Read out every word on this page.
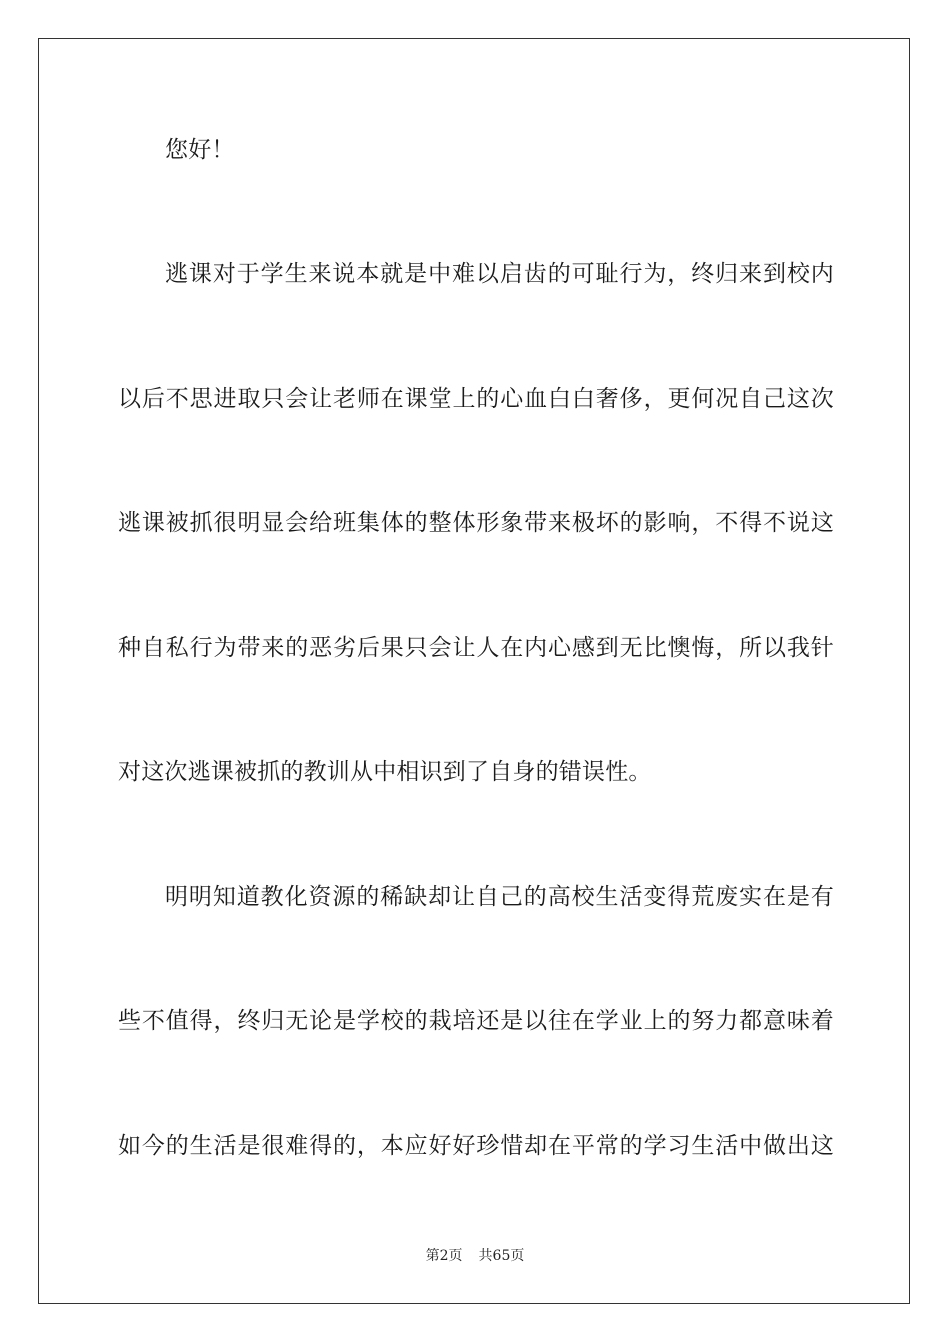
您好！
逃课对于学生来说本就是中难以启齿的可耻行为，终归来到校内
以后不思进取只会让老师在课堂上的心血白白奢侈，更何况自己这次
逃课被抓很明显会给班集体的整体形象带来极坏的影响，不得不说这
种自私行为带来的恶劣后果只会让人在内心感到无比懊悔，所以我针
对这次逃课被抓的教训从中相识到了自身的错误性。
明明知道教化资源的稀缺却让自己的高校生活变得荒废实在是有
些不值得，终归无论是学校的栽培还是以往在学业上的努力都意味着
如今的生活是很难得的，本应好好珍惜却在平常的学习生活中做出这
第2页 共65页
